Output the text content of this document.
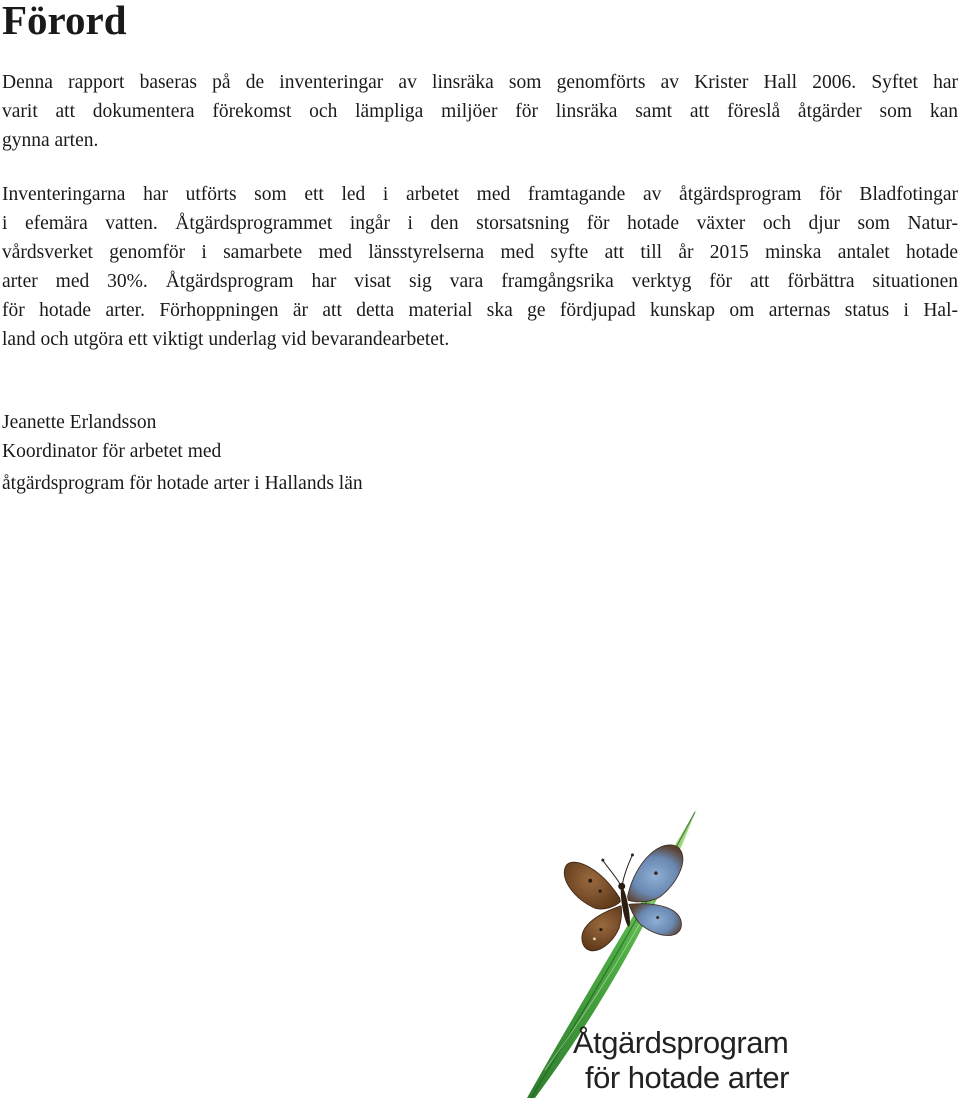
Förord
Denna rapport baseras på de inventeringar av linsräka som genomförts av Krister Hall 2006. Syftet har
varit att dokumentera förekomst och lämpliga miljöer för linsräka samt att föreslå åtgärder som kan
gynna arten.
Inventeringarna har utförts som ett led i arbetet med framtagande av åtgärdsprogram för Bladfotingar
i efemära vatten. Åtgärdsprogrammet ingår i den storsatsning för hotade växter och djur som Natur-
vårdsverket genomför i samarbete med länsstyrelserna med syfte att till år 2015 minska antalet hotade
arter med 30%. Åtgärdsprogram har visat sig vara framgångsrika verktyg för att förbättra situationen
för hotade arter. Förhoppningen är att detta material ska ge fördjupad kunskap om arternas status i Hal-
land och utgöra ett viktigt underlag vid bevarandearbetet.
Jeanette Erlandsson
Koordinator för arbetet med
åtgärdsprogram för hotade arter i Hallands län
Åtgärdsprogram
för hotade arter
